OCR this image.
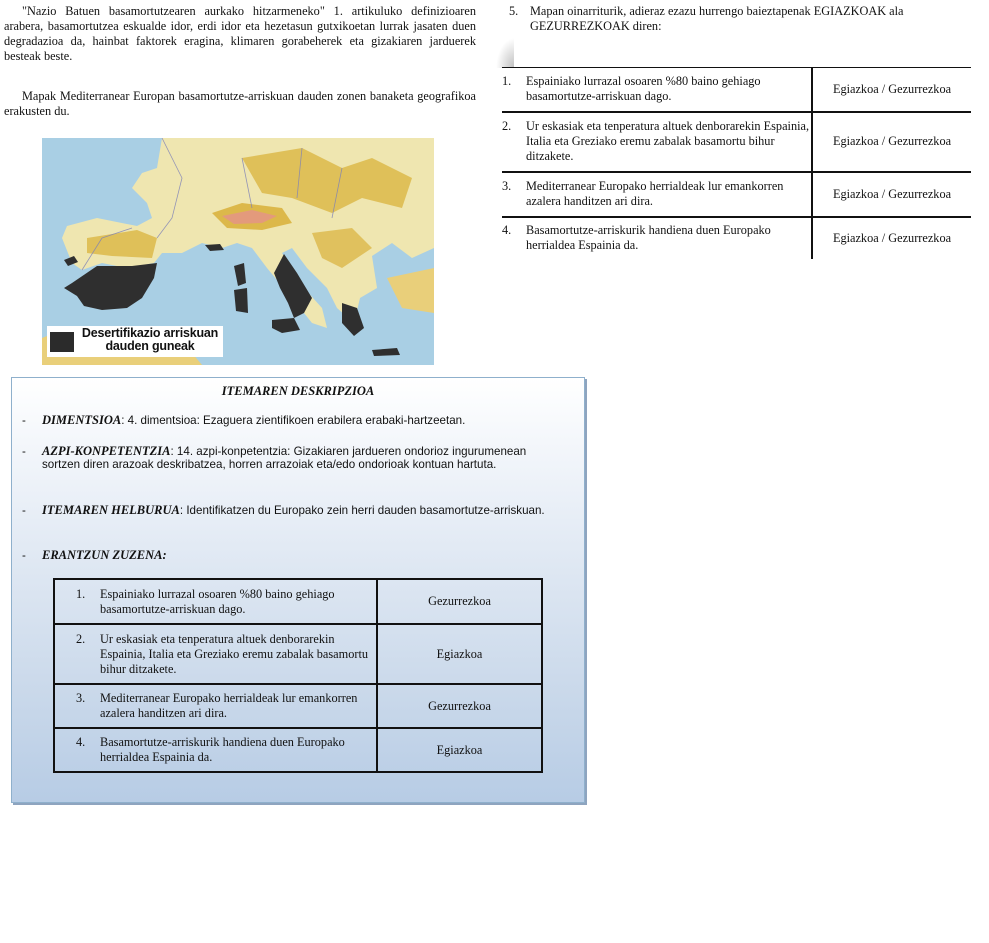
"Nazio Batuen basamortutzearen aurkako hitzarmeneko" 1. artikuluko definizioaren arabera, basamortutzea eskualde idor, erdi idor eta hezetasun gutxikoetan lurrak jasaten duen degradazioa da, hainbat faktorek eragina, klimaren gorabeherek eta gizakiaren jarduerek besteak beste.
Mapak Mediterranear Europan basamortutze-arriskuan dauden zonen banaketa geografikoa erakusten du.
Desertifikazio arriskuan dauden guneak
5. Mapan oinarriturik, adieraz ezazu hurrengo baieztapenak EGIAZKOAK ala GEZURREZKOAK diren:
1. Espainiako lurrazal osoaren %80 baino gehiago basamortutze-arriskuan dago.	Egiazkoa / Gezurrezkoa

2. Ur eskasiak eta tenperatura altuek denborarekin Espainia, Italia eta Greziako eremu zabalak basamortu bihur ditzakete.	Egiazkoa / Gezurrezkoa

3. Mediterranear Europako herrialdeak lur emankorren azalera handitzen ari dira.	Egiazkoa / Gezurrezkoa

4. Basamortutze-arriskurik handiena duen Europako herrialdea Espainia da.	Egiazkoa / Gezurrezkoa
ITEMAREN DESKRIPZIOA
- DIMENTSIOA: 4. dimentsioa: Ezaguera zientifikoen erabilera erabaki-hartzeetan.
- AZPI-KONPETENTZIA: 14. azpi-konpetentzia: Gizakiaren jardueren ondorioz ingurumenean sortzen diren arazoak deskribatzea, horren arrazoiak eta/edo ondorioak kontuan hartuta.
- ITEMAREN HELBURUA: Identifikatzen du Europako zein herri dauden basamortutze-arriskuan.
- ERANTZUN ZUZENA:
1. Espainiako lurrazal osoaren %80 baino gehiago basamortutze-arriskuan dago.	Gezurrezkoa

2. Ur eskasiak eta tenperatura altuek denborarekin Espainia, Italia eta Greziako eremu zabalak basamortu bihur ditzakete.	Egiazkoa

3. Mediterranear Europako herrialdeak lur emankorren azalera handitzen ari dira.	Gezurrezkoa

4. Basamortutze-arriskurik handiena duen Europako herrialdea Espainia da.	Egiazkoa
